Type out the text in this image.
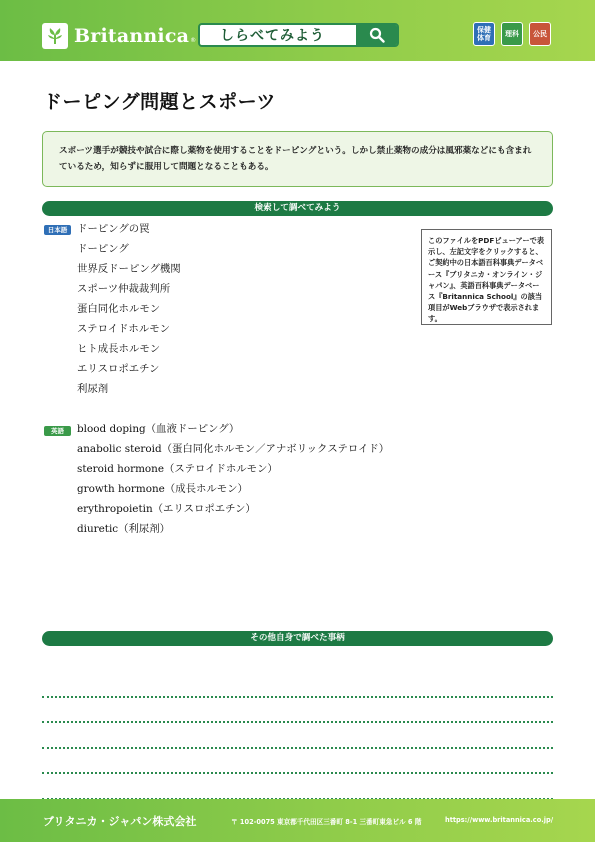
Britannica ®	しらべてみよう	保健体育	理科	公民
ドーピング問題とスポーツ
スポーツ選手が競技や試合に際し薬物を使用することをドーピングという。しかし禁止薬物の成分は風邪薬などにも含まれているため，知らずに服用して問題となることもある。
検索して調べてみよう
日本語 ドーピングの罠
ドーピング
世界反ドーピング機関
スポーツ仲裁裁判所
蛋白同化ホルモン
ステロイドホルモン
ヒト成長ホルモン
エリスロポエチン
利尿剤
このファイルをPDFビューアーで表示し、左記文字をクリックすると、ご契約中の日本語百科事典データベース『ブリタニカ・オンライン・ジャパン』、英語百科事典データベース『Britannica School』の該当項目がWebブラウザで表示されます。
英語	blood doping（血液ドーピング）
anabolic steroid（蛋白同化ホルモン／アナボリックステロイド）
steroid hormone（ステロイドホルモン）
growth hormone（成長ホルモン）
erythropoietin（エリスロポエチン）
diuretic（利尿剤）
その他自身で調べた事柄
ブリタニカ・ジャパン株式会社	〒 102-0075 東京都千代田区三番町 8-1 三番町東急ビル 6 階	https://www.britannica.co.jp/
